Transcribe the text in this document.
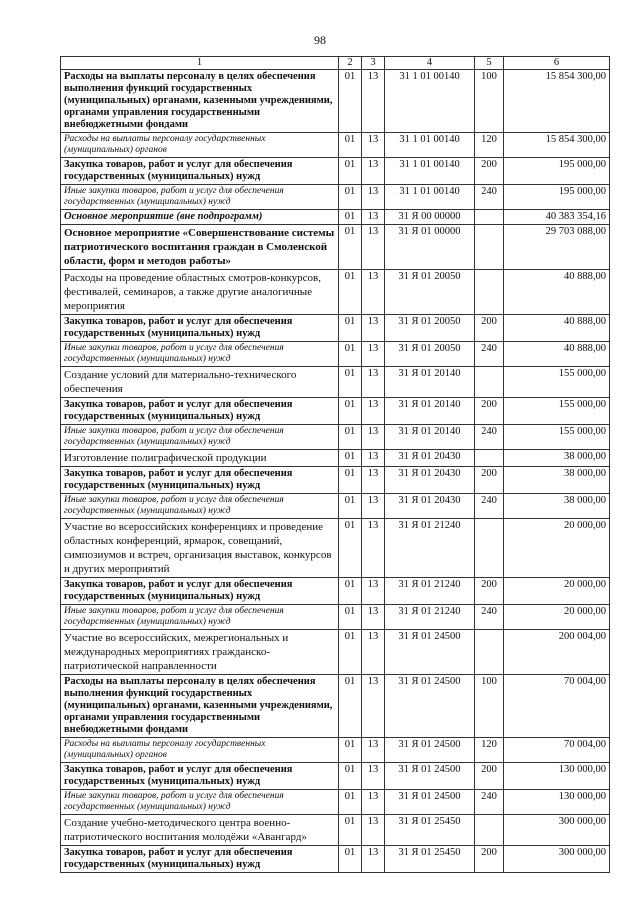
98
1	2	3	4	5	6
Расходы на выплаты персоналу в целях обеспечения выполнения функций государственных (муниципальных) органами, казенными учреждениями, органами управления государственными внебюджетными фондами	01	13	31 1 01 00140	100	15 854 300,00
Расходы на выплаты персоналу государственных (муниципальных) органов	01	13	31 1 01 00140	120	15 854 300,00
Закупка товаров, работ и услуг для обеспечения государственных (муниципальных) нужд	01	13	31 1 01 00140	200	195 000,00
Иные закупки товаров, работ и услуг для обеспечения государственных (муниципальных) нужд	01	13	31 1 01 00140	240	195 000,00
Основное мероприятие (вне подпрограмм)	01	13	31 Я 00 00000		40 383 354,16
Основное мероприятие «Совершенствование системы патриотического воспитания граждан в Смоленской области, форм и методов работы»	01	13	31 Я 01 00000		29 703 088,00
Расходы на проведение областных смотров-конкурсов, фестивалей, семинаров, а также другие аналогичные мероприятия	01	13	31 Я 01 20050		40 888,00
Закупка товаров, работ и услуг для обеспечения государственных (муниципальных) нужд	01	13	31 Я 01 20050	200	40 888,00
Иные закупки товаров, работ и услуг для обеспечения государственных (муниципальных) нужд	01	13	31 Я 01 20050	240	40 888,00
Создание условий для материально-технического обеспечения	01	13	31 Я 01 20140		155 000,00
Закупка товаров, работ и услуг для обеспечения государственных (муниципальных) нужд	01	13	31 Я 01 20140	200	155 000,00
Иные закупки товаров, работ и услуг для обеспечения государственных (муниципальных) нужд	01	13	31 Я 01 20140	240	155 000,00
Изготовление полиграфической продукции	01	13	31 Я 01 20430		38 000,00
Закупка товаров, работ и услуг для обеспечения государственных (муниципальных) нужд	01	13	31 Я 01 20430	200	38 000,00
Иные закупки товаров, работ и услуг для обеспечения государственных (муниципальных) нужд	01	13	31 Я 01 20430	240	38 000,00
Участие во всероссийских конференциях и проведение областных конференций, ярмарок, совещаний, симпозиумов и встреч, организация выставок, конкурсов и других мероприятий	01	13	31 Я 01 21240		20 000,00
Закупка товаров, работ и услуг для обеспечения государственных (муниципальных) нужд	01	13	31 Я 01 21240	200	20 000,00
Иные закупки товаров, работ и услуг для обеспечения государственных (муниципальных) нужд	01	13	31 Я 01 21240	240	20 000,00
Участие во всероссийских, межрегиональных и международных мероприятиях гражданско-патриотической направленности	01	13	31 Я 01 24500		200 004,00
Расходы на выплаты персоналу в целях обеспечения выполнения функций государственных (муниципальных) органами, казенными учреждениями, органами управления государственными внебюджетными фондами	01	13	31 Я 01 24500	100	70 004,00
Расходы на выплаты персоналу государственных (муниципальных) органов	01	13	31 Я 01 24500	120	70 004,00
Закупка товаров, работ и услуг для обеспечения государственных (муниципальных) нужд	01	13	31 Я 01 24500	200	130 000,00
Иные закупки товаров, работ и услуг для обеспечения государственных (муниципальных) нужд	01	13	31 Я 01 24500	240	130 000,00
Создание учебно-методического центра военно-патриотического воспитания молодёжи «Авангард»	01	13	31 Я 01 25450		300 000,00
Закупка товаров, работ и услуг для обеспечения государственных (муниципальных) нужд	01	13	31 Я 01 25450	200	300 000,00
